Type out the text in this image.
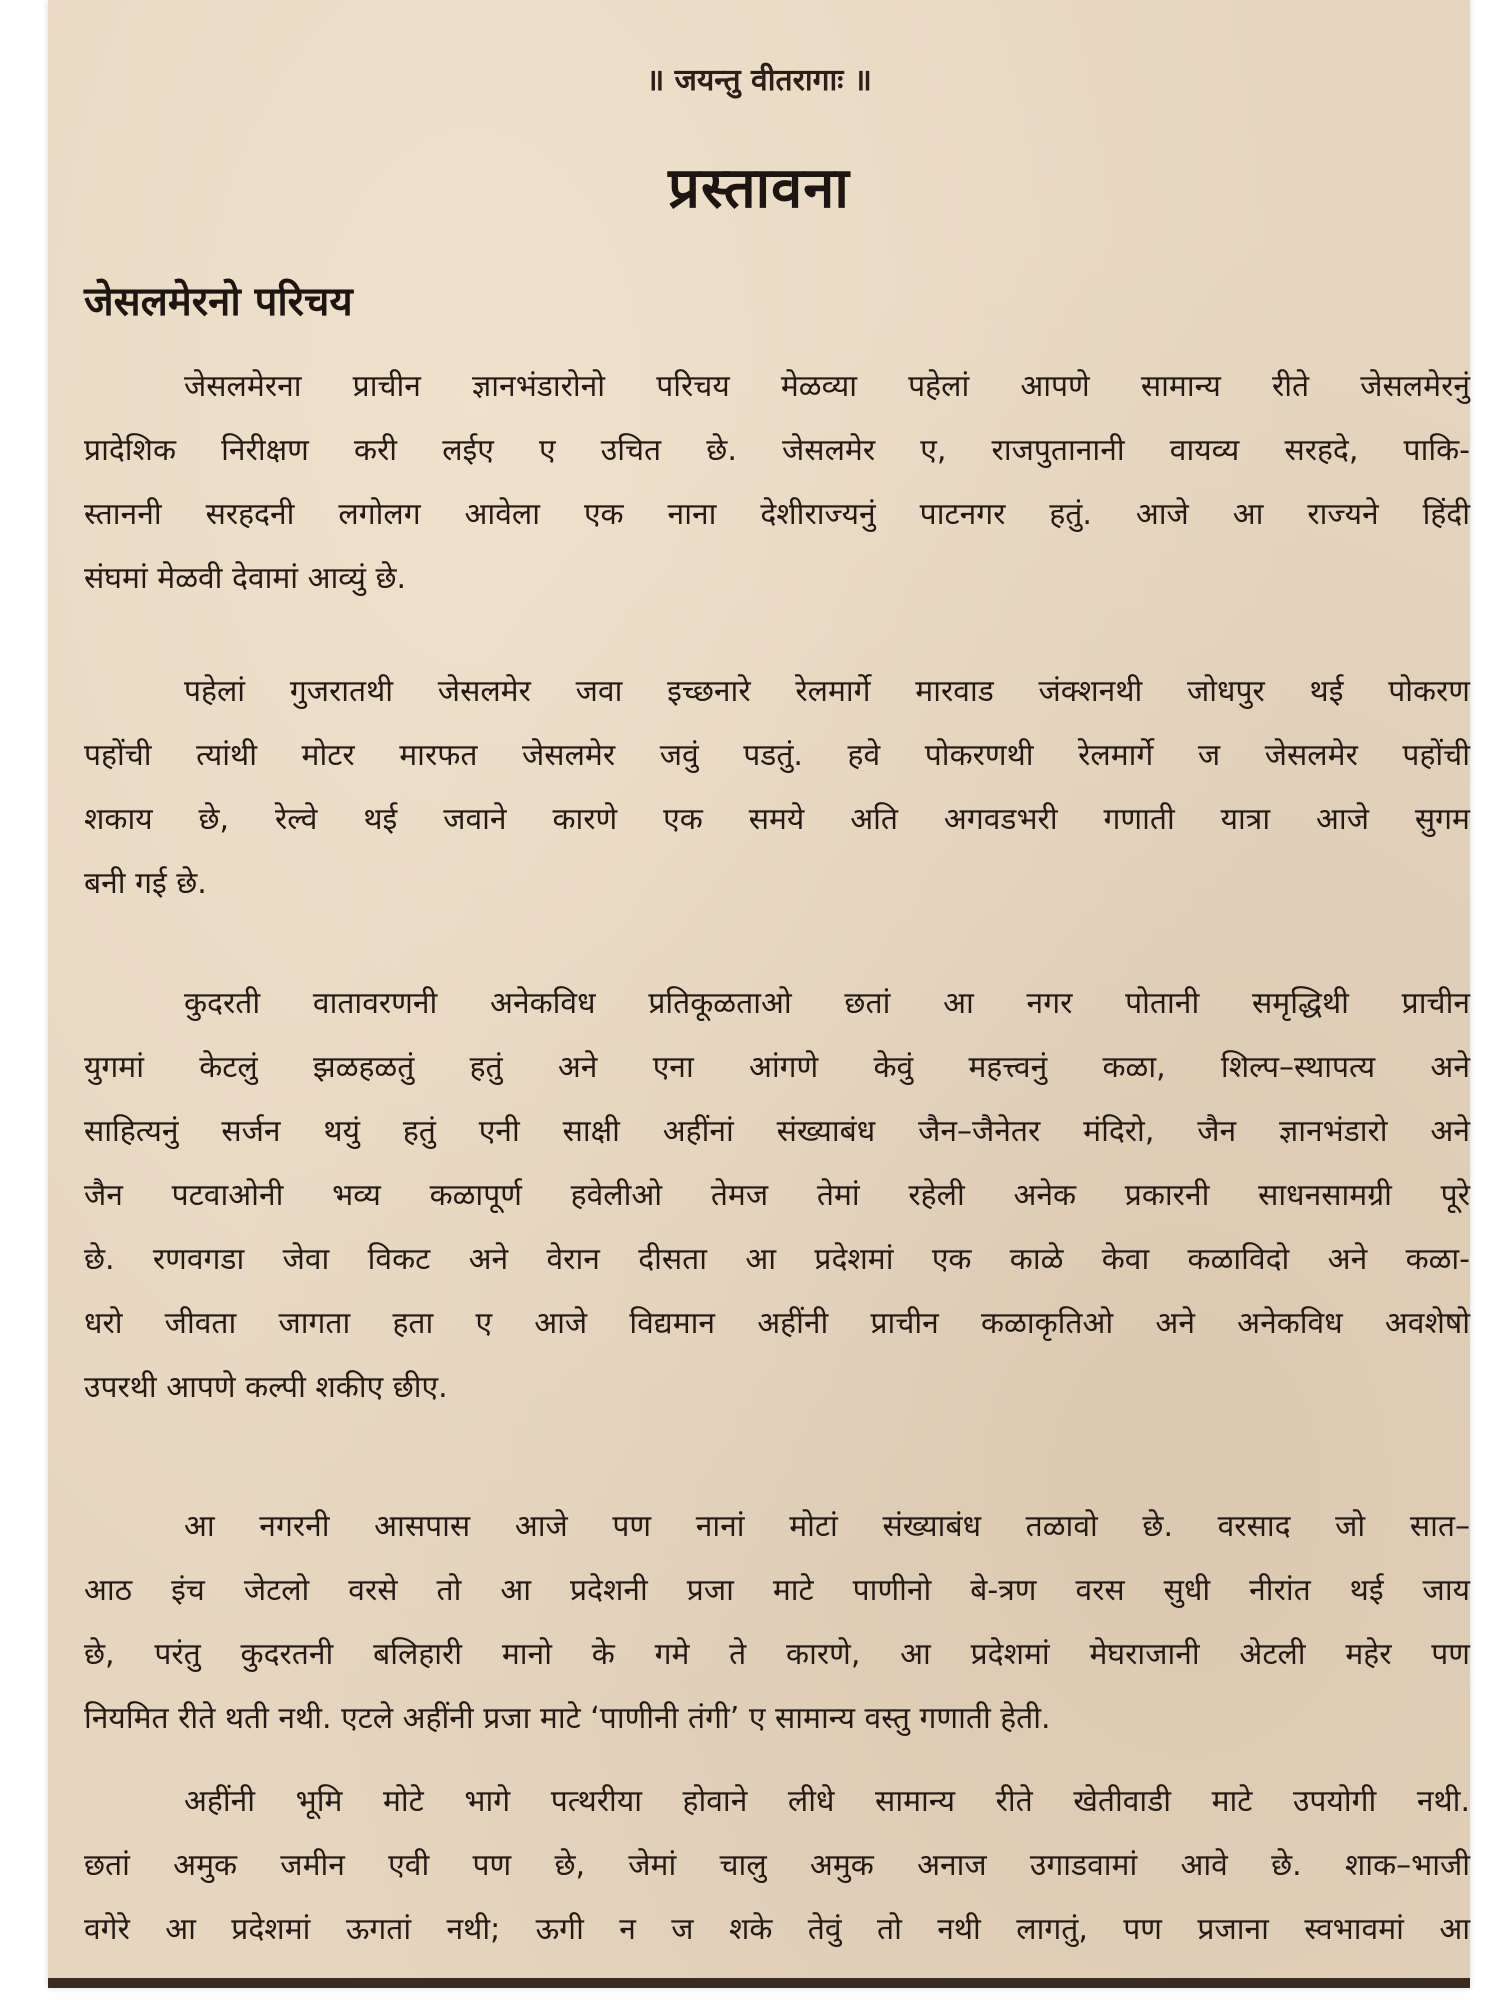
॥ जयन्तु वीतरागाः ॥
प्रस्तावना
जेसलमेरनो परिचय
जेसलमेरना प्राचीन ज्ञानभंडारोनो परिचय मेळव्या पहेलां आपणे सामान्य रीते जेसलमेरनुं
प्रादेशिक निरीक्षण करी लईए ए उचित छे. जेसलमेर ए, राजपुतानानी वायव्य सरहदे, पाकि-
स्ताननी सरहदनी लगोलग आवेला एक नाना देशीराज्यनुं पाटनगर हतुं. आजे आ राज्यने हिंदी
संघमां मेळवी देवामां आव्युं छे.
पहेलां गुजरातथी जेसलमेर जवा इच्छनारे रेलमार्गे मारवाड जंक्शनथी जोधपुर थई पोकरण
पहोंची त्यांथी मोटर मारफत जेसलमेर जवुं पडतुं. हवे पोकरणथी रेलमार्गे ज जेसलमेर पहोंची
शकाय छे, रेल्वे थई जवाने कारणे एक समये अति अगवडभरी गणाती यात्रा आजे सुगम
बनी गई छे.
कुदरती वातावरणनी अनेकविध प्रतिकूळताओ छतां आ नगर पोतानी समृद्धिथी प्राचीन
युगमां केटलुं झळहळतुं हतुं अने एना आंगणे केवुं महत्त्वनुं कळा, शिल्प–स्थापत्य अने
साहित्यनुं सर्जन थयुं हतुं एनी साक्षी अहींनां संख्याबंध जैन–जैनेतर मंदिरो, जैन ज्ञानभंडारो अने
जैन पटवाओनी भव्य कळापूर्ण हवेलीओ तेमज तेमां रहेली अनेक प्रकारनी साधनसामग्री पूरे
छे. रणवगडा जेवा विकट अने वेरान दीसता आ प्रदेशमां एक काळे केवा कळाविदो अने कळा-
धरो जीवता जागता हता ए आजे विद्यमान अहींनी प्राचीन कळाकृतिओ अने अनेकविध अवशेषो
उपरथी आपणे कल्पी शकीए छीए.
आ नगरनी आसपास आजे पण नानां मोटां संख्याबंध तळावो छे. वरसाद जो सात–
आठ इंच जेटलो वरसे तो आ प्रदेशनी प्रजा माटे पाणीनो बे-त्रण वरस सुधी नीरांत थई जाय
छे, परंतु कुदरतनी बलिहारी मानो के गमे ते कारणे, आ प्रदेशमां मेघराजानी अेटली महेर पण
नियमित रीते थती नथी. एटले अहींनी प्रजा माटे ‘पाणीनी तंगी’ ए सामान्य वस्तु गणाती हेती.
अहींनी भूमि मोटे भागे पत्थरीया होवाने लीधे सामान्य रीते खेतीवाडी माटे उपयोगी नथी.
छतां अमुक जमीन एवी पण छे, जेमां चालु अमुक अनाज उगाडवामां आवे छे. शाक–भाजी
वगेरे आ प्रदेशमां ऊगतां नथी; ऊगी न ज शके तेवुं तो नथी लागतुं, पण प्रजाना स्वभावमां आ
